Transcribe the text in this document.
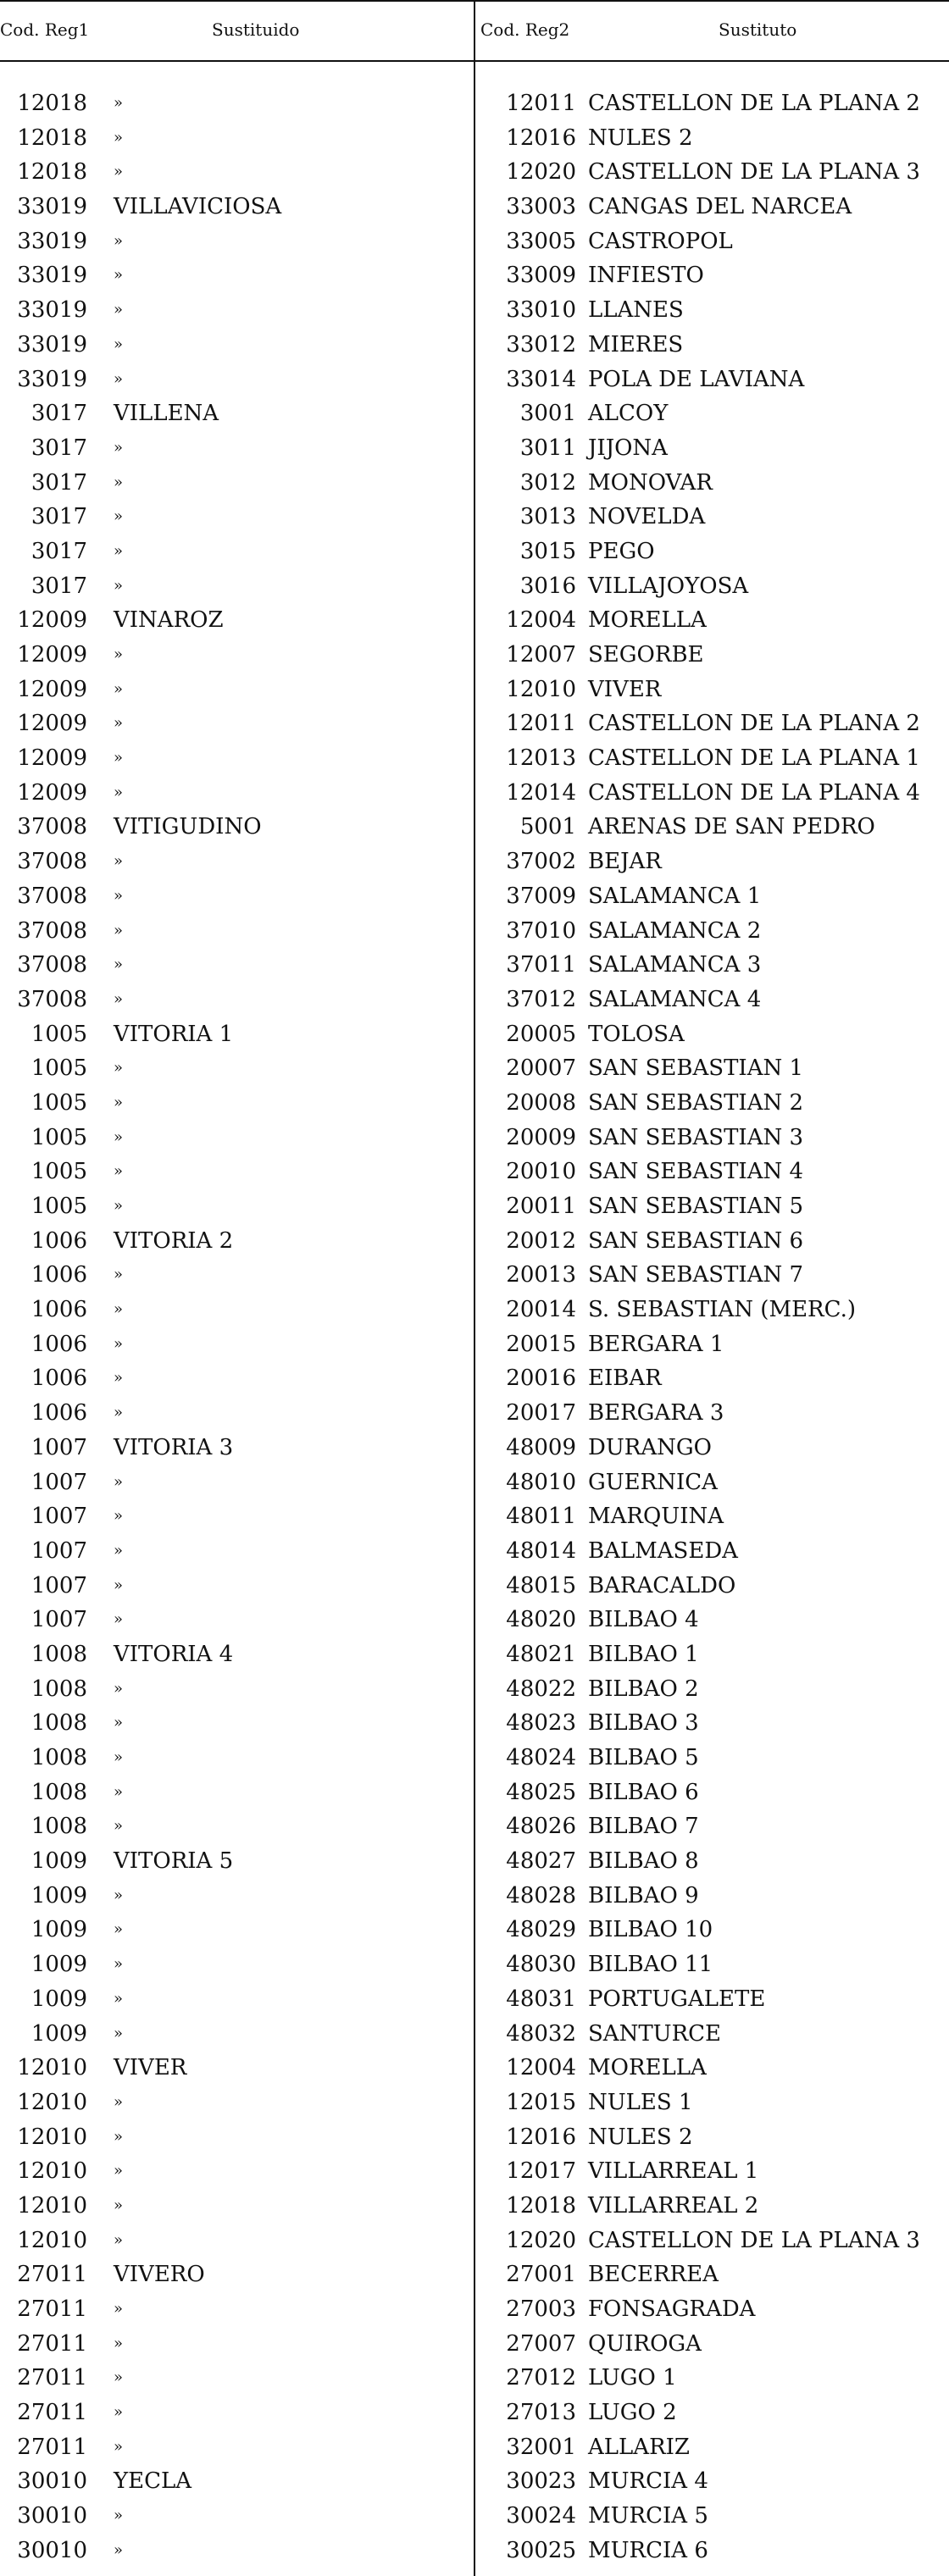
Cod. Reg1	Sustituido	Cod. Reg2	Sustituto
12018 »	12011 CASTELLON DE LA PLANA 2
12018 »	12016 NULES 2
12018 »	12020 CASTELLON DE LA PLANA 3
33019 VILLAVICIOSA	33003 CANGAS DEL NARCEA
33019 »	33005 CASTROPOL
33019 »	33009 INFIESTO
33019 »	33010 LLANES
33019 »	33012 MIERES
33019 »	33014 POLA DE LAVIANA
3017 VILLENA	3001 ALCOY
3017 »	3011 JIJONA
3017 »	3012 MONOVAR
3017 »	3013 NOVELDA
3017 »	3015 PEGO
3017 »	3016 VILLAJOYOSA
12009 VINAROZ	12004 MORELLA
12009 »	12007 SEGORBE
12009 »	12010 VIVER
12009 »	12011 CASTELLON DE LA PLANA 2
12009 »	12013 CASTELLON DE LA PLANA 1
12009 »	12014 CASTELLON DE LA PLANA 4
37008 VITIGUDINO	5001 ARENAS DE SAN PEDRO
37008 »	37002 BEJAR
37008 »	37009 SALAMANCA 1
37008 »	37010 SALAMANCA 2
37008 »	37011 SALAMANCA 3
37008 »	37012 SALAMANCA 4
1005 VITORIA 1	20005 TOLOSA
1005 »	20007 SAN SEBASTIAN 1
1005 »	20008 SAN SEBASTIAN 2
1005 »	20009 SAN SEBASTIAN 3
1005 »	20010 SAN SEBASTIAN 4
1005 »	20011 SAN SEBASTIAN 5
1006 VITORIA 2	20012 SAN SEBASTIAN 6
1006 »	20013 SAN SEBASTIAN 7
1006 »	20014 S. SEBASTIAN (MERC.)
1006 »	20015 BERGARA 1
1006 »	20016 EIBAR
1006 »	20017 BERGARA 3
1007 VITORIA 3	48009 DURANGO
1007 »	48010 GUERNICA
1007 »	48011 MARQUINA
1007 »	48014 BALMASEDA
1007 »	48015 BARACALDO
1007 »	48020 BILBAO 4
1008 VITORIA 4	48021 BILBAO 1
1008 »	48022 BILBAO 2
1008 »	48023 BILBAO 3
1008 »	48024 BILBAO 5
1008 »	48025 BILBAO 6
1008 »	48026 BILBAO 7
1009 VITORIA 5	48027 BILBAO 8
1009 »	48028 BILBAO 9
1009 »	48029 BILBAO 10
1009 »	48030 BILBAO 11
1009 »	48031 PORTUGALETE
1009 »	48032 SANTURCE
12010 VIVER	12004 MORELLA
12010 »	12015 NULES 1
12010 »	12016 NULES 2
12010 »	12017 VILLARREAL 1
12010 »	12018 VILLARREAL 2
12010 »	12020 CASTELLON DE LA PLANA 3
27011 VIVERO	27001 BECERREA
27011 »	27003 FONSAGRADA
27011 »	27007 QUIROGA
27011 »	27012 LUGO 1
27011 »	27013 LUGO 2
27011 »	32001 ALLARIZ
30010 YECLA	30023 MURCIA 4
30010 »	30024 MURCIA 5
30010 »	30025 MURCIA 6
